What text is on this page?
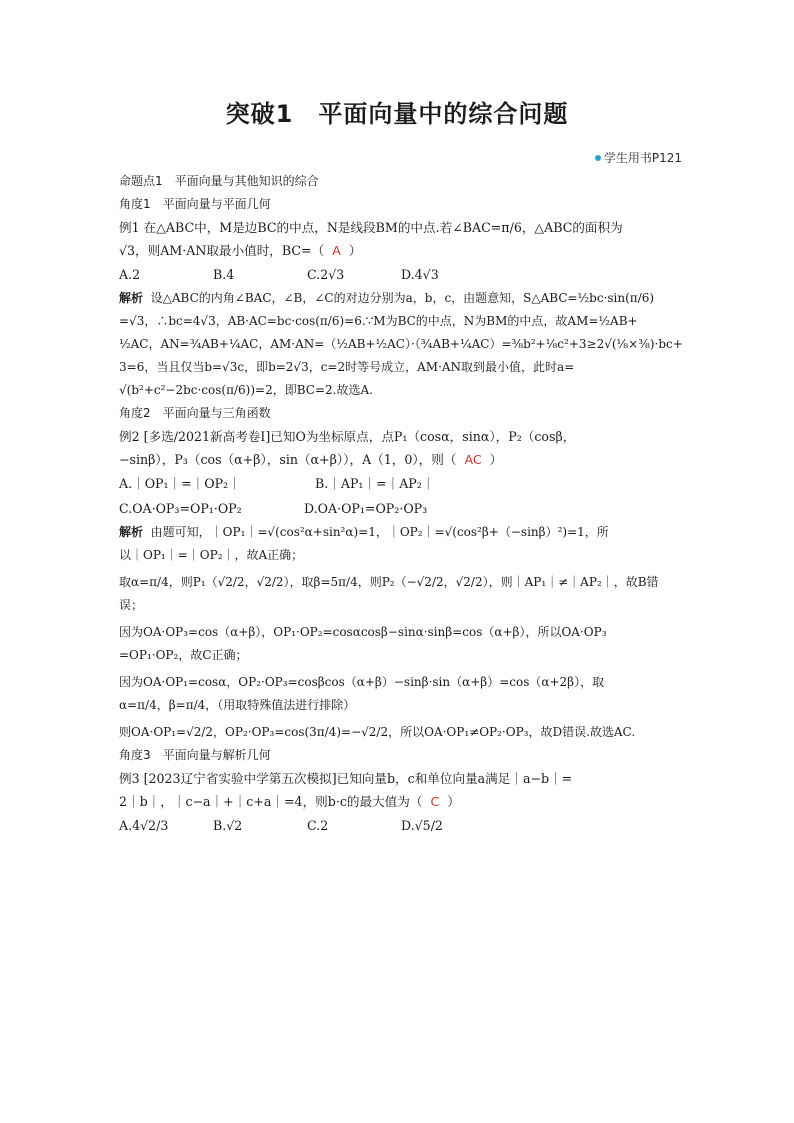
突破1　平面向量中的综合问题
学生用书P121

命题点1　平面向量与其他知识的综合

角度1　平面向量与平面几何

例1 在△ABC中，M是边BC的中点，N是线段BM的中点.若∠BAC=π/6，△ABC的面积为

√3，则AM·AN取最小值时，BC=（ A ）

A.2	B.4	C.2√3	D.4√3

解析 设△ABC的内角∠BAC，∠B，∠C的对边分别为a，b，c，由题意知，S△ABC=½bc·sin(π/6)

=√3，∴bc=4√3，AB·AC=bc·cos(π/6)=6.∵M为BC的中点，N为BM的中点，故AM=½AB+

½AC，AN=¾AB+¼AC，AM·AN=（½AB+½AC）·（¾AB+¼AC）=⅜b²+⅛c²+3≥2√(⅛×⅜)·bc+

3=6，当且仅当b=√3c，即b=2√3，c=2时等号成立，AM·AN取到最小值，此时a=

√(b²+c²−2bc·cos(π/6))=2，即BC=2.故选A.

角度2　平面向量与三角函数

例2 [多选/2021新高考卷Ⅰ]已知O为坐标原点，点P₁（cosα，sinα），P₂（cosβ，

−sinβ），P₃（cos（α+β），sin（α+β）），A（1，0），则（ AC ）

A.｜OP₁｜=｜OP₂｜	B.｜AP₁｜=｜AP₂｜
C.OA·OP₃=OP₁·OP₂	D.OA·OP₁=OP₂·OP₃

解析 由题可知，｜OP₁｜=√(cos²α+sin²α)=1，｜OP₂｜=√(cos²β+（−sinβ）²)=1，所

以｜OP₁｜=｜OP₂｜，故A正确；

取α=π/4，则P₁（√2/2，√2/2），取β=5π/4，则P₂（−√2/2，√2/2），则｜AP₁｜≠｜AP₂｜，故B错

误；

因为OA·OP₃=cos（α+β），OP₁·OP₂=cosαcosβ−sinα·sinβ=cos（α+β），所以OA·OP₃

=OP₁·OP₂，故C正确；

因为OA·OP₁=cosα，OP₂·OP₃=cosβcos（α+β）−sinβ·sin（α+β）=cos（α+2β），取

α=π/4，β=π/4，（用取特殊值法进行排除）

则OA·OP₁=√2/2，OP₂·OP₃=cos(3π/4)=−√2/2，所以OA·OP₁≠OP₂·OP₃，故D错误.故选AC.

角度3　平面向量与解析几何

例3 [2023辽宁省实验中学第五次模拟]已知向量b，c和单位向量a满足｜a−b｜=

2｜b｜，｜c−a｜+｜c+a｜=4，则b·c的最大值为（ C ）

A.4√2/3	B.√2	C.2	D.√5/2
